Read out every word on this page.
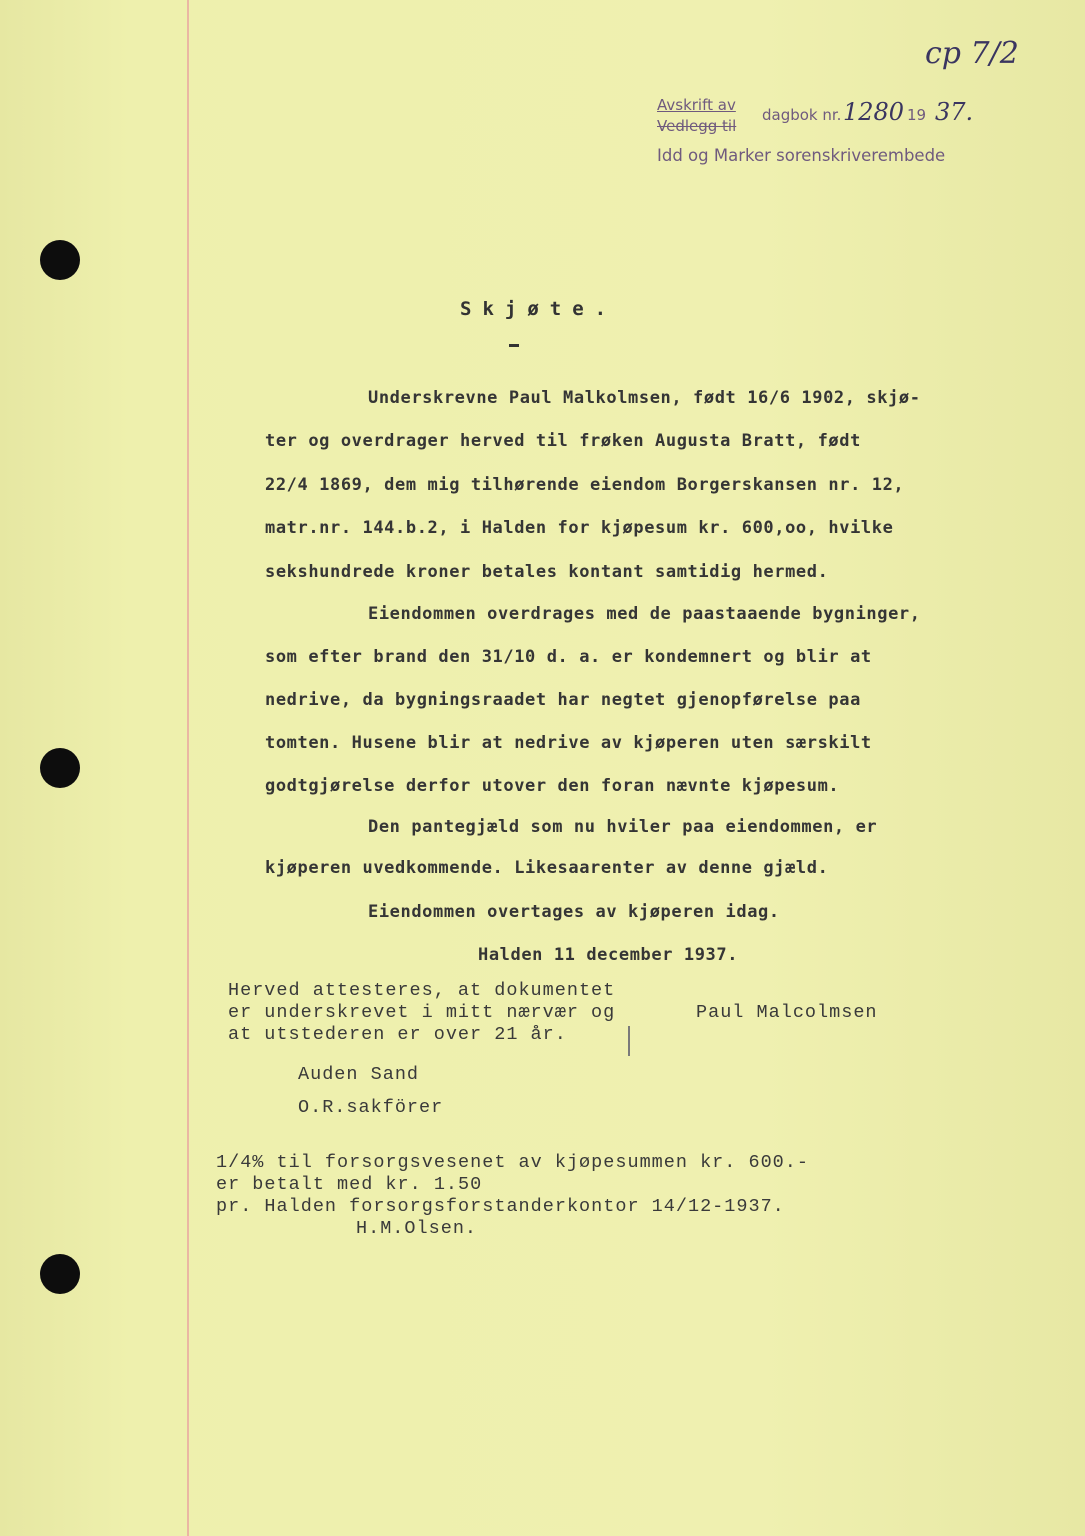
Avskrift av
Vedlegg til
dagbok nr. 1280 19 37.
Idd og Marker sorenskriverembede
cp 7/2
Skjøte.
Underskrevne Paul Malkolmsen, født 16/6 1902, skjø-
ter og overdrager herved til frøken Augusta Bratt, født
22/4 1869, dem mig tilhørende eiendom Borgerskansen nr. 12,
matr.nr. 144.b.2, i Halden for kjøpesum kr. 600,oo, hvilke
sekshundrede kroner betales kontant samtidig hermed.
Eiendommen overdrages med de paastaaende bygninger,
som efter brand den 31/10 d. a. er kondemnert og blir at
nedrive, da bygningsraadet har negtet gjenopførelse paa
tomten. Husene blir at nedrive av kjøperen uten særskilt
godtgjørelse derfor utover den foran nævnte kjøpesum.
Den pantegjæld som nu hviler paa eiendommen, er
kjøperen uvedkommende. Likesaarenter av denne gjæld.
Eiendommen overtages av kjøperen idag.
Halden 11 december 1937.
Herved attesteres, at dokumentet
er underskrevet i mitt nærvær og
at utstederen er over 21 år.
Paul Malcolmsen
Auden Sand
O.R.sakförer
1/4% til forsorgsvesenet av kjøpesummen kr. 600.-
er betalt med kr. 1.50
pr. Halden forsorgsforstanderkontor 14/12-1937.
H.M.Olsen.
